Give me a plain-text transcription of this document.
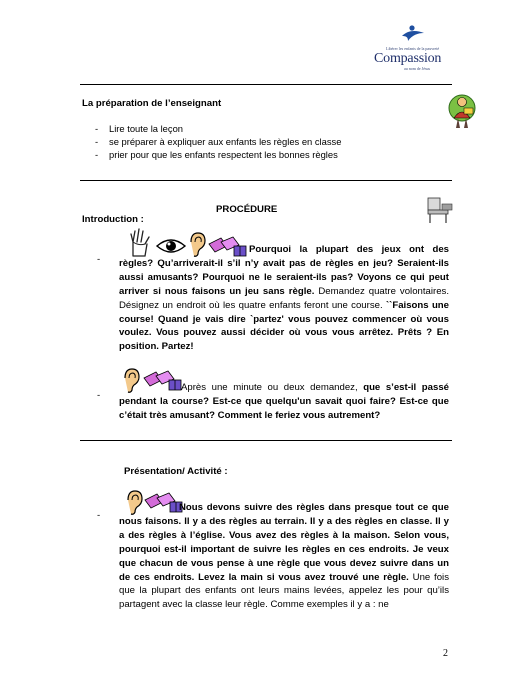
Libérer les enfants de la pauvreté
Compassion
au nom de Jésus
La préparation de l’enseignant
- Lire toute la leçon
- se préparer à expliquer aux enfants les règles en classe
- prier pour que les enfants respectent les bonnes règles
PROCÉDURE
Introduction :
-
Pourquoi la plupart des jeux ont des règles? Qu’arriverait-il s’il n’y avait pas de règles en jeu? Seraient-ils aussi amusants? Pourquoi ne le seraient-ils pas? Voyons ce qui peut arriver si nous faisons un jeu sans règle. Demandez quatre volontaires. Désignez un endroit où les quatre enfants feront une course. ``Faisons une course! Quand je vais dire `partez' vous pouvez commencer où vous voulez. Vous pouvez aussi décider où vous vous arrêtez. Prêts ? En position. Partez!
-
Après une minute ou deux demandez, que s’est-il passé pendant la course? Est-ce que quelqu'un savait quoi faire? Est-ce que c’était très amusant? Comment le feriez vous autrement?
Présentation/ Activité :
-
Nous devons suivre des règles dans presque tout ce que nous faisons. Il y a des règles au terrain. Il y a des règles en classe. Il y a des règles à l’église. Vous avez des règles à la maison. Selon vous, pourquoi est-il important de suivre les règles en ces endroits. Je veux que chacun de vous pense à une règle que vous devez suivre dans un de ces endroits. Levez la main si vous avez trouvé une règle. Une fois que la plupart des enfants ont leurs mains levées, appelez les pour qu’ils partagent avec la classe leur règle. Comme exemples il y a : ne
2
